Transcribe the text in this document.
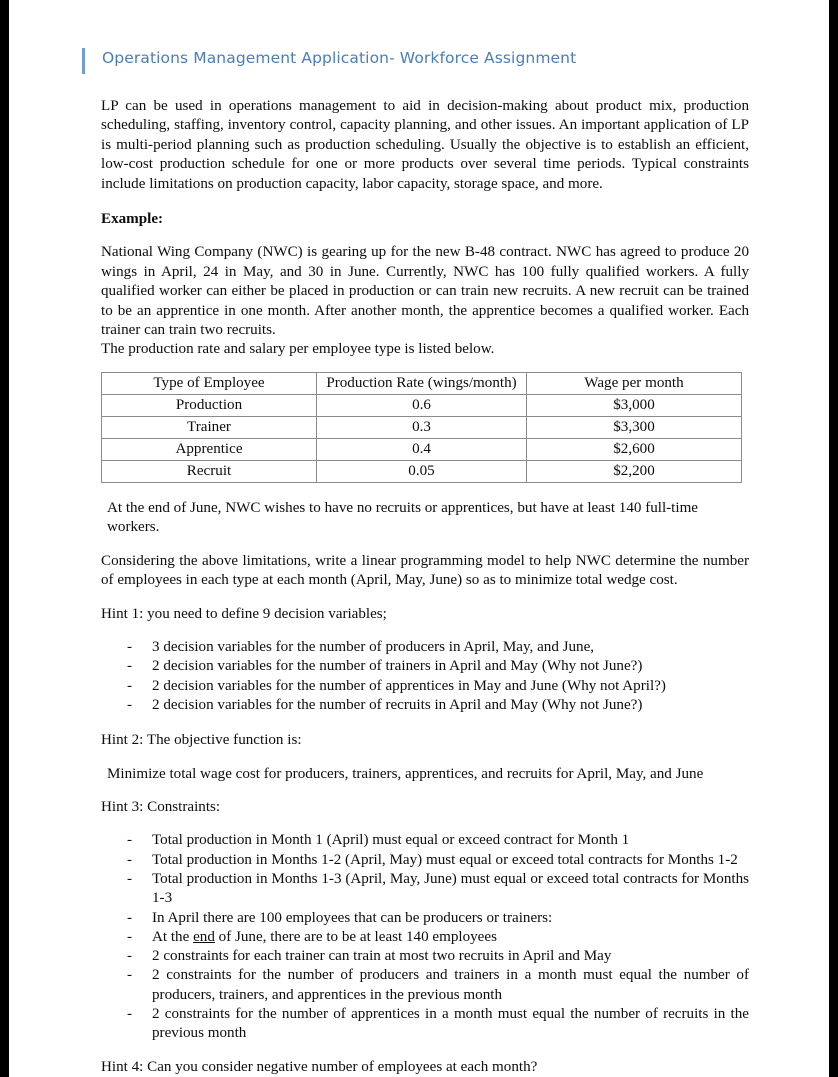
Operations Management Application- Workforce Assignment

LP can be used in operations management to aid in decision-making about product mix, production scheduling, staffing, inventory control, capacity planning, and other issues. An important application of LP is multi-period planning such as production scheduling. Usually the objective is to establish an efficient, low-cost production schedule for one or more products over several time periods. Typical constraints include limitations on production capacity, labor capacity, storage space, and more.

Example:

National Wing Company (NWC) is gearing up for the new B-48 contract. NWC has agreed to produce 20 wings in April, 24 in May, and 30 in June. Currently, NWC has 100 fully qualified workers. A fully qualified worker can either be placed in production or can train new recruits. A new recruit can be trained to be an apprentice in one month. After another month, the apprentice becomes a qualified worker. Each trainer can train two recruits.

The production rate and salary per employee type is listed below.

Type of Employee	Production Rate (wings/month)	Wage per month
Production	0.6	$3,000
Trainer	0.3	$3,300
Apprentice	0.4	$2,600
Recruit	0.05	$2,200

At the end of June, NWC wishes to have no recruits or apprentices, but have at least 140 full-time workers.

Considering the above limitations, write a linear programming model to help NWC determine the number of employees in each type at each month (April, May, June) so as to minimize total wedge cost.

Hint 1: you need to define 9 decision variables;

- 3 decision variables for the number of producers in April, May, and June,
- 2 decision variables for the number of trainers in April and May (Why not June?)
- 2 decision variables for the number of apprentices in May and June (Why not April?)
- 2 decision variables for the number of recruits in April and May (Why not June?)

Hint 2: The objective function is:

Minimize total wage cost for producers, trainers, apprentices, and recruits for April, May, and June

Hint 3: Constraints:

- Total production in Month 1 (April) must equal or exceed contract for Month 1
- Total production in Months 1-2 (April, May) must equal or exceed total contracts for Months 1-2
- Total production in Months 1-3 (April, May, June) must equal or exceed total contracts for Months 1-3
- In April there are 100 employees that can be producers or trainers:
- At the end of June, there are to be at least 140 employees
- 2 constraints for each trainer can train at most two recruits in April and May
- 2 constraints for the number of producers and trainers in a month must equal the number of producers, trainers, and apprentices in the previous month
- 2 constraints for the number of apprentices in a month must equal the number of recruits in the previous month

Hint 4: Can you consider negative number of employees at each month?
